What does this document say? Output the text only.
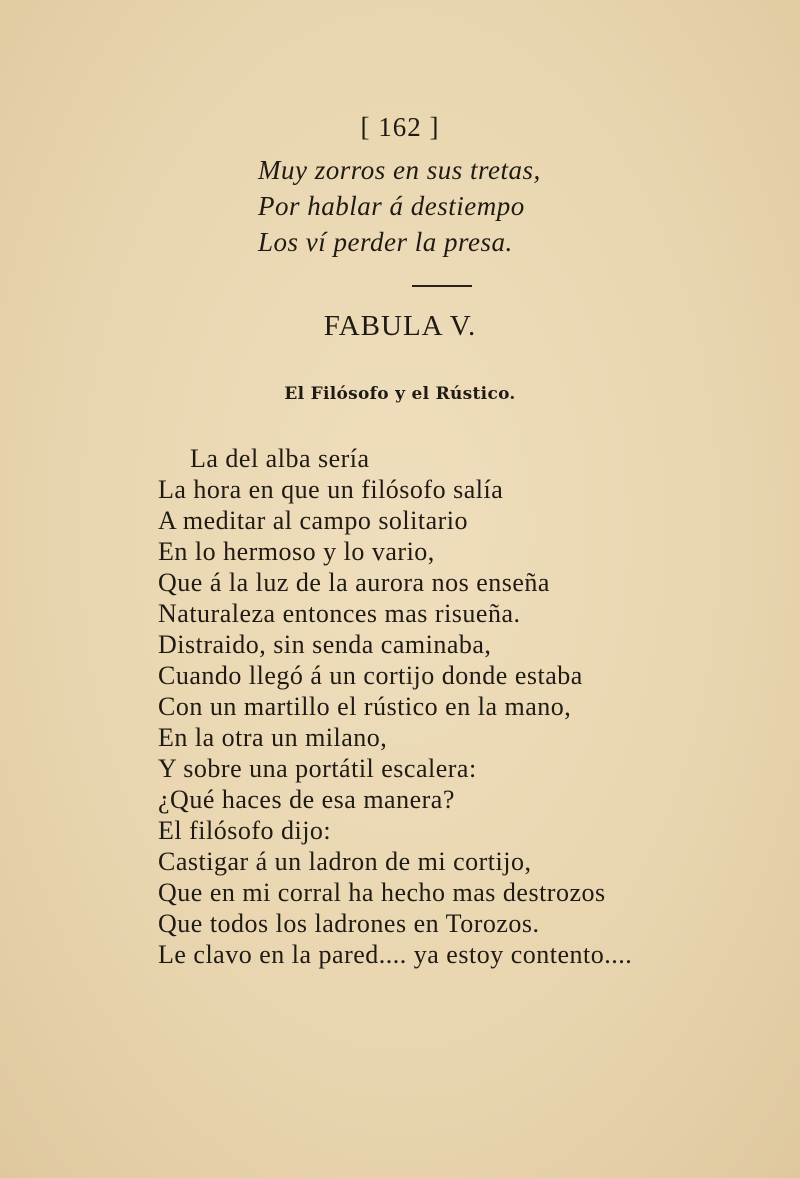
[ 162 ]
Muy zorros en sus tretas,
Por hablar á destiempo
Los ví perder la presa.
FABULA V.
El Filósofo y el Rústico.
La del alba sería
La hora en que un filósofo salía
A meditar al campo solitario
En lo hermoso y lo vario,
Que á la luz de la aurora nos enseña
Naturaleza entonces mas risueña.
Distraido, sin senda caminaba,
Cuando llegó á un cortijo donde estaba
Con un martillo el rústico en la mano,
En la otra un milano,
Y sobre una portátil escalera:
¿Qué haces de esa manera?
El filósofo dijo:
Castigar á un ladron de mi cortijo,
Que en mi corral ha hecho mas destrozos
Que todos los ladrones en Torozos.
Le clavo en la pared.... ya estoy contento....
